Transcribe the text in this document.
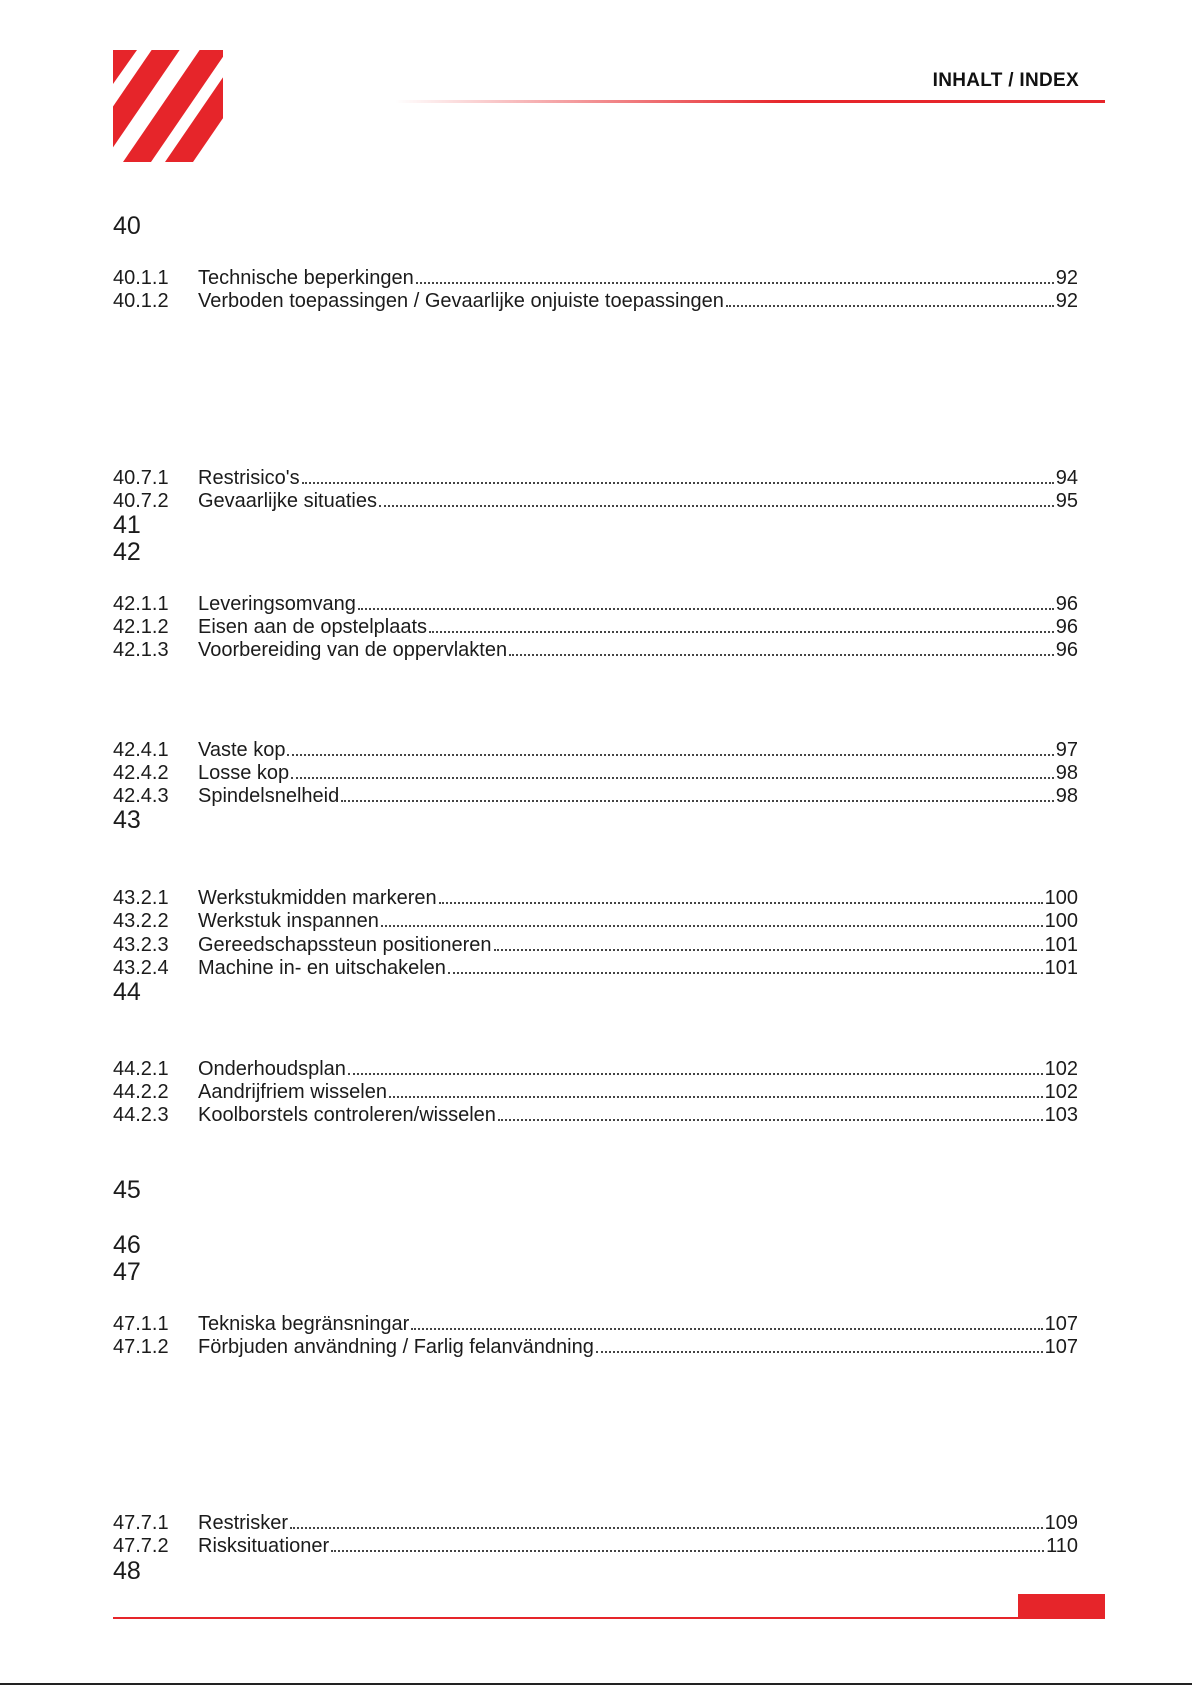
INHALT / INDEX
40
40.1.1	Technische beperkingen	92
40.1.2	Verboden toepassingen / Gevaarlijke onjuiste toepassingen	92
40.7.1	Restrisico's	94
40.7.2	Gevaarlijke situaties	95
41
42
42.1.1	Leveringsomvang	96
42.1.2	Eisen aan de opstelplaats	96
42.1.3	Voorbereiding van de oppervlakten	96
42.4.1	Vaste kop	97
42.4.2	Losse kop	98
42.4.3	Spindelsnelheid	98
43
43.2.1	Werkstukmidden markeren	100
43.2.2	Werkstuk inspannen	100
43.2.3	Gereedschapssteun positioneren	101
43.2.4	Machine in- en uitschakelen	101
44
44.2.1	Onderhoudsplan	102
44.2.2	Aandrijfriem wisselen	102
44.2.3	Koolborstels controleren/wisselen	103
45
46
47
47.1.1	Tekniska begränsningar	107
47.1.2	Förbjuden användning / Farlig felanvändning	107
47.7.1	Restrisker	109
47.7.2	Risksituationer	110
48
